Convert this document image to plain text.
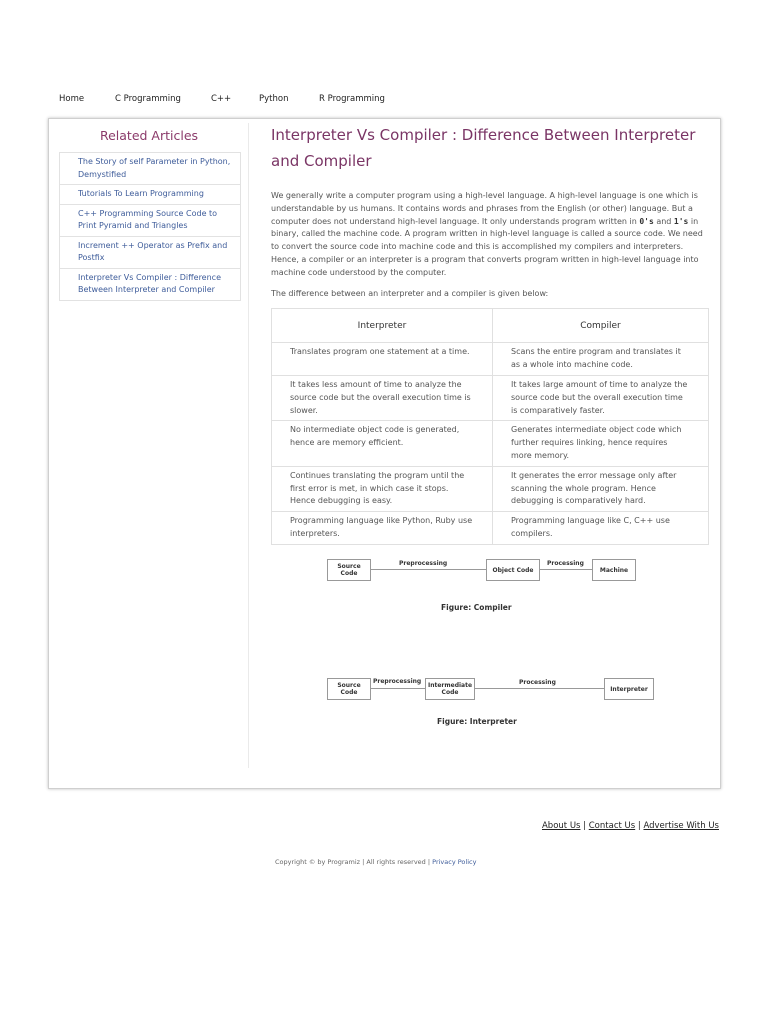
Home	C Programming	C++	Python	R Programming
Related Articles
The Story of self Parameter in Python, Demystified
Tutorials To Learn Programming
C++ Programming Source Code to Print Pyramid and Triangles
Increment ++ Operator as Prefix and Postfix
Interpreter Vs Compiler : Difference Between Interpreter and Compiler
Interpreter Vs Compiler : Difference Between Interpreter and Compiler

We generally write a computer program using a high-level language. A high-level language is one which is understandable by us humans. It contains words and phrases from the English (or other) language. But a computer does not understand high-level language. It only understands program written in 0's and 1's in binary, called the machine code. A program written in high-level language is called a source code. We need to convert the source code into machine code and this is accomplished my compilers and interpreters. Hence, a compiler or an interpreter is a program that converts program written in high-level language into machine code understood by the computer.

The difference between an interpreter and a compiler is given below:

Interpreter	Compiler
Translates program one statement at a time.	Scans the entire program and translates it as a whole into machine code.
It takes less amount of time to analyze the source code but the overall execution time is slower.	It takes large amount of time to analyze the source code but the overall execution time is comparatively faster.
No intermediate object code is generated, hence are memory efficient.	Generates intermediate object code which further requires linking, hence requires more memory.
Continues translating the program until the first error is met, in which case it stops. Hence debugging is easy.	It generates the error message only after scanning the whole program. Hence debugging is comparatively hard.
Programming language like Python, Ruby use interpreters.	Programming language like C, C++ use compilers.
Source Code
Preprocessing
Object Code
Processing
Machine
Figure: Compiler
Source Code
Preprocessing
Intermediate Code
Processing
Interpreter
Figure: Interpreter
About Us | Contact Us | Advertise With Us
Copyright © by Programiz | All rights reserved | Privacy Policy
